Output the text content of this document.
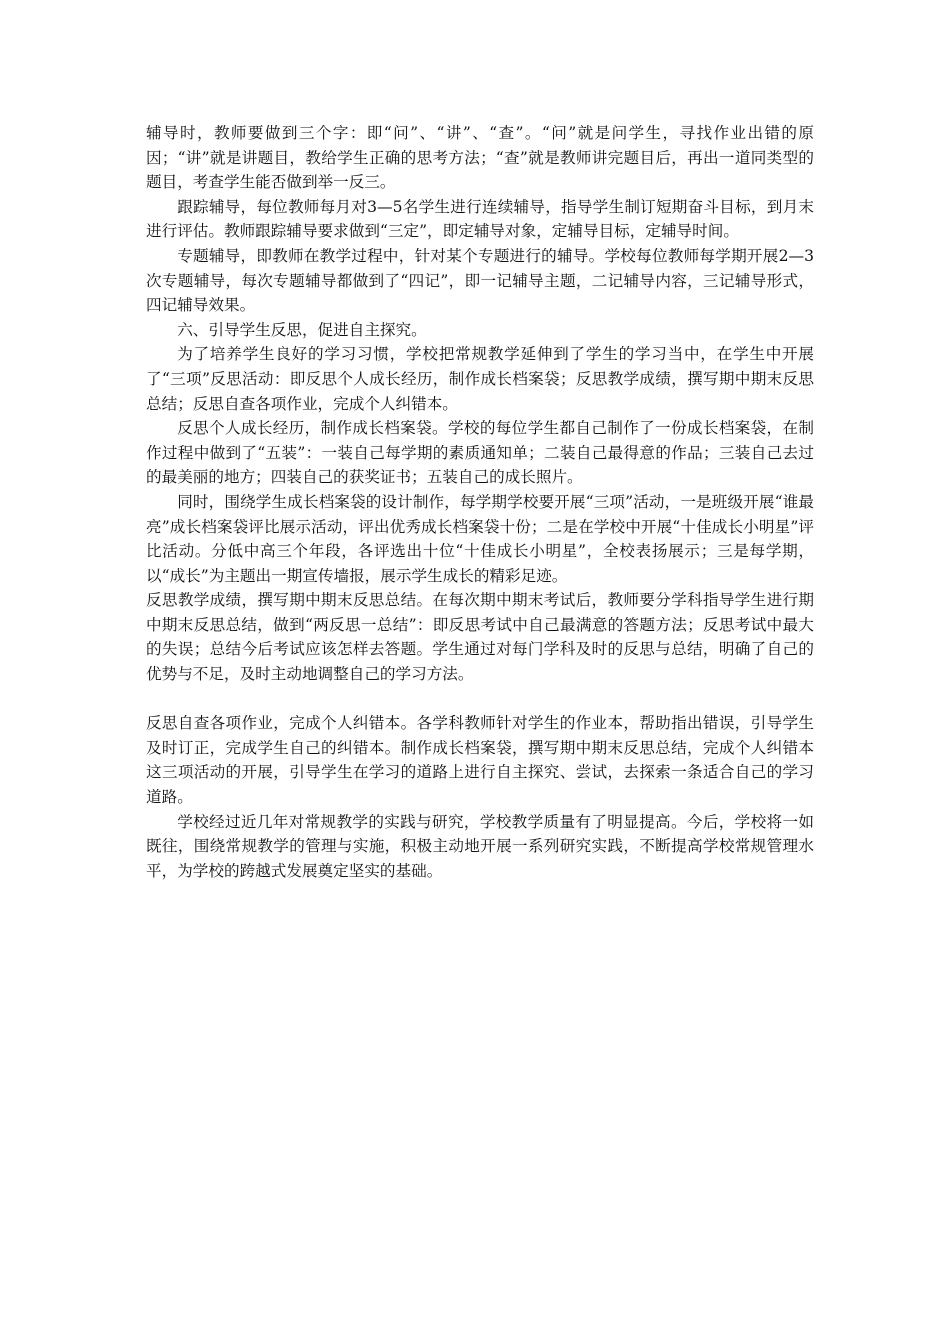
辅导时，教师要做到三个字：即“问”、“讲”、“查”。“问”就是问学生，寻找作业出错的原因；“讲”就是讲题目，教给学生正确的思考方法；“查”就是教师讲完题目后，再出一道同类型的题目，考查学生能否做到举一反三。

跟踪辅导，每位教师每月对3—5名学生进行连续辅导，指导学生制订短期奋斗目标，到月末进行评估。教师跟踪辅导要求做到“三定”，即定辅导对象，定辅导目标，定辅导时间。

专题辅导，即教师在教学过程中，针对某个专题进行的辅导。学校每位教师每学期开展2—3次专题辅导，每次专题辅导都做到了“四记”，即一记辅导主题，二记辅导内容，三记辅导形式，四记辅导效果。

六、引导学生反思，促进自主探究。

为了培养学生良好的学习习惯，学校把常规教学延伸到了学生的学习当中，在学生中开展了“三项”反思活动：即反思个人成长经历，制作成长档案袋；反思教学成绩，撰写期中期末反思总结；反思自查各项作业，完成个人纠错本。

反思个人成长经历，制作成长档案袋。学校的每位学生都自己制作了一份成长档案袋，在制作过程中做到了“五装”：一装自己每学期的素质通知单；二装自己最得意的作品；三装自己去过的最美丽的地方；四装自己的获奖证书；五装自己的成长照片。

同时，围绕学生成长档案袋的设计制作，每学期学校要开展“三项”活动，一是班级开展“谁最亮”成长档案袋评比展示活动，评出优秀成长档案袋十份；二是在学校中开展“十佳成长小明星”评比活动。分低中高三个年段，各评选出十位“十佳成长小明星”，全校表扬展示；三是每学期，以“成长”为主题出一期宣传墙报，展示学生成长的精彩足迹。

反思教学成绩，撰写期中期末反思总结。在每次期中期末考试后，教师要分学科指导学生进行期中期末反思总结，做到“两反思一总结”：即反思考试中自己最满意的答题方法；反思考试中最大的失误；总结今后考试应该怎样去答题。学生通过对每门学科及时的反思与总结，明确了自己的优势与不足，及时主动地调整自己的学习方法。

反思自查各项作业，完成个人纠错本。各学科教师针对学生的作业本，帮助指出错误，引导学生及时订正，完成学生自己的纠错本。制作成长档案袋，撰写期中期末反思总结，完成个人纠错本这三项活动的开展，引导学生在学习的道路上进行自主探究、尝试，去探索一条适合自己的学习道路。

学校经过近几年对常规教学的实践与研究，学校教学质量有了明显提高。今后，学校将一如既往，围绕常规教学的管理与实施，积极主动地开展一系列研究实践，不断提高学校常规管理水平，为学校的跨越式发展奠定坚实的基础。
